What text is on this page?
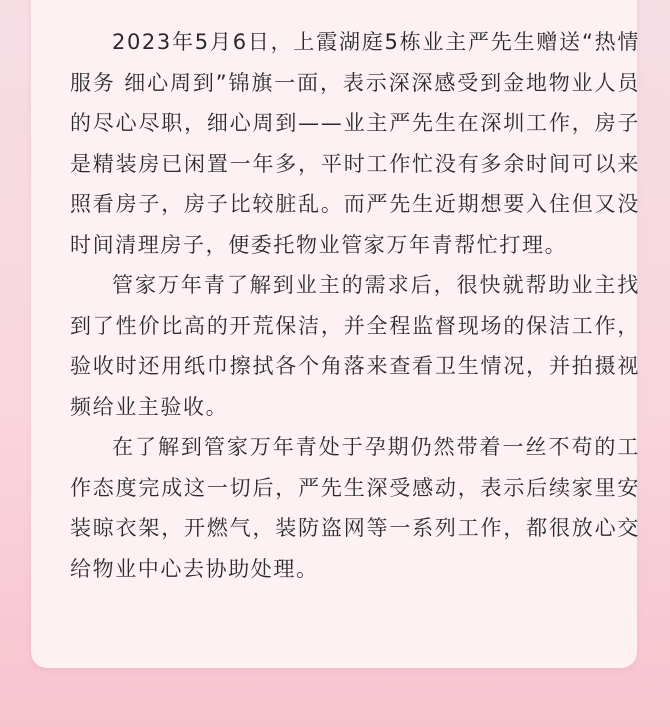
2023年5月6日，上霞湖庭5栋业主严先生赠送“热情服务 细心周到”锦旗一面，表示深深感受到金地物业人员的尽心尽职，细心周到——业主严先生在深圳工作，房子是精装房已闲置一年多，平时工作忙没有多余时间可以来照看房子，房子比较脏乱。而严先生近期想要入住但又没时间清理房子，便委托物业管家万年青帮忙打理。

管家万年青了解到业主的需求后，很快就帮助业主找到了性价比高的开荒保洁，并全程监督现场的保洁工作，验收时还用纸巾擦拭各个角落来查看卫生情况，并拍摄视频给业主验收。

在了解到管家万年青处于孕期仍然带着一丝不苟的工作态度完成这一切后，严先生深受感动，表示后续家里安装晾衣架，开燃气，装防盗网等一系列工作，都很放心交给物业中心去协助处理。
